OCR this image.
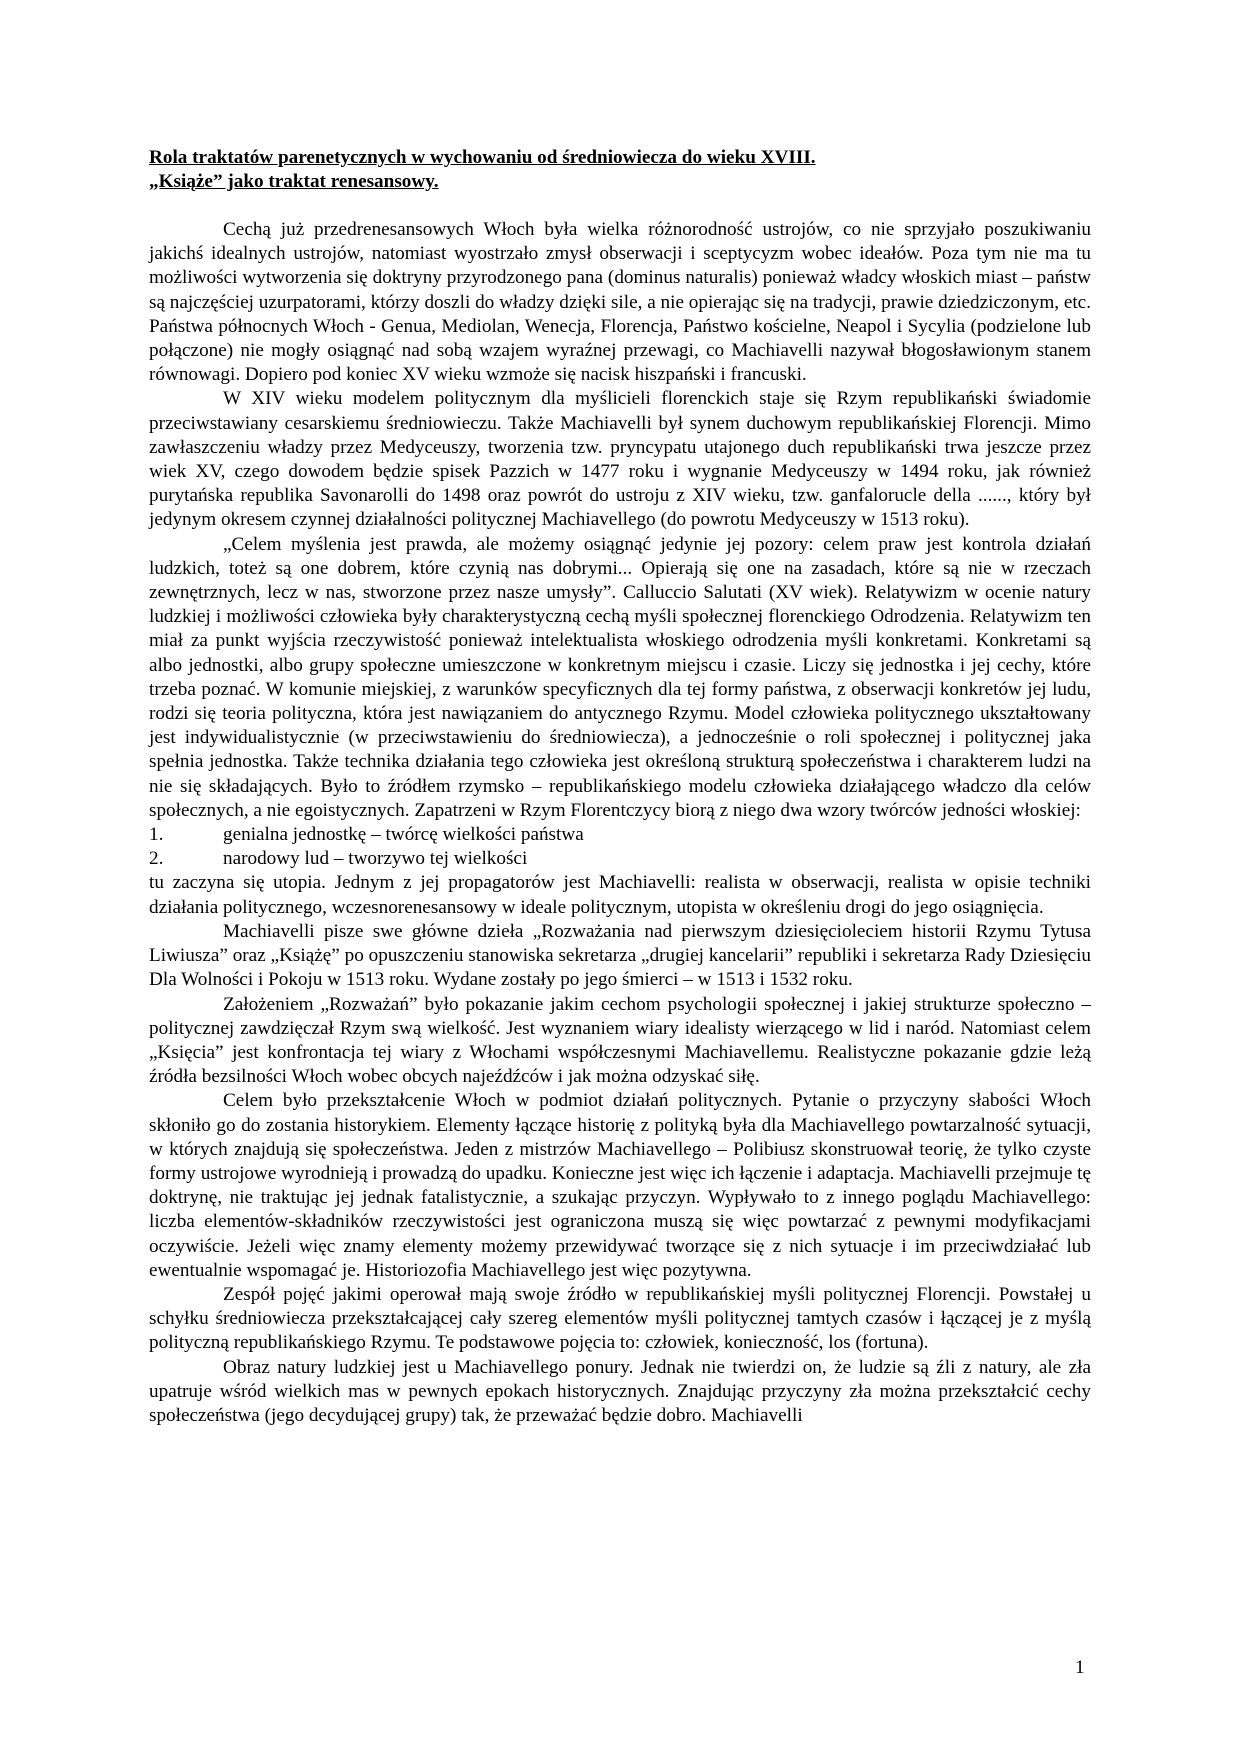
Rola traktatów parenetycznych w wychowaniu od średniowiecza do wieku XVIII.

„Książe” jako traktat renesansowy.

Cechą już przedrenesansowych Włoch była wielka różnorodność ustrojów, co nie sprzyjało poszukiwaniu jakichś idealnych ustrojów, natomiast wyostrzało zmysł obserwacji i sceptycyzm wobec ideałów. Poza tym nie ma tu możliwości wytworzenia się doktryny przyrodzonego pana (dominus naturalis) ponieważ władcy włoskich miast – państw są najczęściej uzurpatorami, którzy doszli do władzy dzięki sile, a nie opierając się na tradycji, prawie dziedziczonym, etc. Państwa północnych Włoch - Genua, Mediolan, Wenecja, Florencja, Państwo kościelne, Neapol i Sycylia (podzielone lub połączone) nie mogły osiągnąć nad sobą wzajem wyraźnej przewagi, co Machiavelli nazywał błogosławionym stanem równowagi. Dopiero pod koniec XV wieku wzmoże się nacisk hiszpański i francuski.

W XIV wieku modelem politycznym dla myślicieli florenckich staje się Rzym republikański świadomie przeciwstawiany cesarskiemu średniowieczu. Także Machiavelli był synem duchowym republikańskiej Florencji. Mimo zawłaszczeniu władzy przez Medyceuszy, tworzenia tzw. pryncypatu utajonego duch republikański trwa jeszcze przez wiek XV, czego dowodem będzie spisek Pazzich w 1477 roku i wygnanie Medyceuszy w 1494 roku, jak również purytańska republika Savonarolli do 1498 oraz powrót do ustroju z XIV wieku, tzw. ganfalorucle della ......, który był jedynym okresem czynnej działalności politycznej Machiavellego (do powrotu Medyceuszy w 1513 roku).

„Celem myślenia jest prawda, ale możemy osiągnąć jedynie jej pozory: celem praw jest kontrola działań ludzkich, toteż są one dobrem, które czynią nas dobrymi... Opierają się one na zasadach, które są nie w rzeczach zewnętrznych, lecz w nas, stworzone przez nasze umysły”. Calluccio Salutati (XV wiek). Relatywizm w ocenie natury ludzkiej i możliwości człowieka były charakterystyczną cechą myśli społecznej florenckiego Odrodzenia. Relatywizm ten miał za punkt wyjścia rzeczywistość ponieważ intelektualista włoskiego odrodzenia myśli konkretami. Konkretami są albo jednostki, albo grupy społeczne umieszczone w konkretnym miejscu i czasie. Liczy się jednostka i jej cechy, które trzeba poznać. W komunie miejskiej, z warunków specyficznych dla tej formy państwa, z obserwacji konkretów jej ludu, rodzi się teoria polityczna, która jest nawiązaniem do antycznego Rzymu. Model człowieka politycznego ukształtowany jest indywidualistycznie (w przeciwstawieniu do średniowiecza), a jednocześnie o roli społecznej i politycznej jaka spełnia jednostka. Także technika działania tego człowieka jest określoną strukturą społeczeństwa i charakterem ludzi na nie się składających. Było to źródłem rzymsko – republikańskiego modelu człowieka działającego władczo dla celów społecznych, a nie egoistycznych. Zapatrzeni w Rzym Florentczycy biorą z niego dwa wzory twórców jedności włoskiej:

1.	genialna jednostkę – twórcę wielkości państwa
2.	narodowy lud – tworzywo tej wielkości

tu zaczyna się utopia. Jednym z jej propagatorów jest Machiavelli: realista w obserwacji, realista w opisie techniki działania politycznego, wczesnorenesansowy w ideale politycznym, utopista w określeniu drogi do jego osiągnięcia.

Machiavelli pisze swe główne dzieła „Rozważania nad pierwszym dziesięcioleciem historii Rzymu Tytusa Liwiusza” oraz „Książę” po opuszczeniu stanowiska sekretarza „drugiej kancelarii” republiki i sekretarza Rady Dziesięciu Dla Wolności i Pokoju w 1513 roku. Wydane zostały po jego śmierci – w 1513 i 1532 roku.

Założeniem „Rozważań” było pokazanie jakim cechom psychologii społecznej i jakiej strukturze społeczno – politycznej zawdzięczał Rzym swą wielkość. Jest wyznaniem wiary idealisty wierzącego w lid i naród. Natomiast celem „Księcia” jest konfrontacja tej wiary z Włochami współczesnymi Machiavellemu. Realistyczne pokazanie gdzie leżą źródła bezsilności Włoch wobec obcych najeźdźców i jak można odzyskać siłę.

Celem było przekształcenie Włoch w podmiot działań politycznych. Pytanie o przyczyny słabości Włoch skłoniło go do zostania historykiem. Elementy łączące historię z polityką była dla Machiavellego powtarzalność sytuacji, w których znajdują się społeczeństwa. Jeden z mistrzów Machiavellego – Polibiusz skonstruował teorię, że tylko czyste formy ustrojowe wyrodnieją i prowadzą do upadku. Konieczne jest więc ich łączenie i adaptacja. Machiavelli przejmuje tę doktrynę, nie traktując jej jednak fatalistycznie, a szukając przyczyn. Wypływało to z innego poglądu Machiavellego: liczba elementów-składników rzeczywistości jest ograniczona muszą się więc powtarzać z pewnymi modyfikacjami oczywiście. Jeżeli więc znamy elementy możemy przewidywać tworzące się z nich sytuacje i im przeciwdziałać lub ewentualnie wspomagać je. Historiozofia Machiavellego jest więc pozytywna.

Zespół pojęć jakimi operował mają swoje źródło w republikańskiej myśli politycznej Florencji. Powstałej u schyłku średniowiecza przekształcającej cały szereg elementów myśli politycznej tamtych czasów i łączącej je z myślą polityczną republikańskiego Rzymu. Te podstawowe pojęcia to: człowiek, konieczność, los (fortuna).

Obraz natury ludzkiej jest u Machiavellego ponury. Jednak nie twierdzi on, że ludzie są źli z natury, ale zła upatruje wśród wielkich mas w pewnych epokach historycznych. Znajdując przyczyny zła można przekształcić cechy społeczeństwa (jego decydującej grupy) tak, że przeważać będzie dobro. Machiavelli

1
